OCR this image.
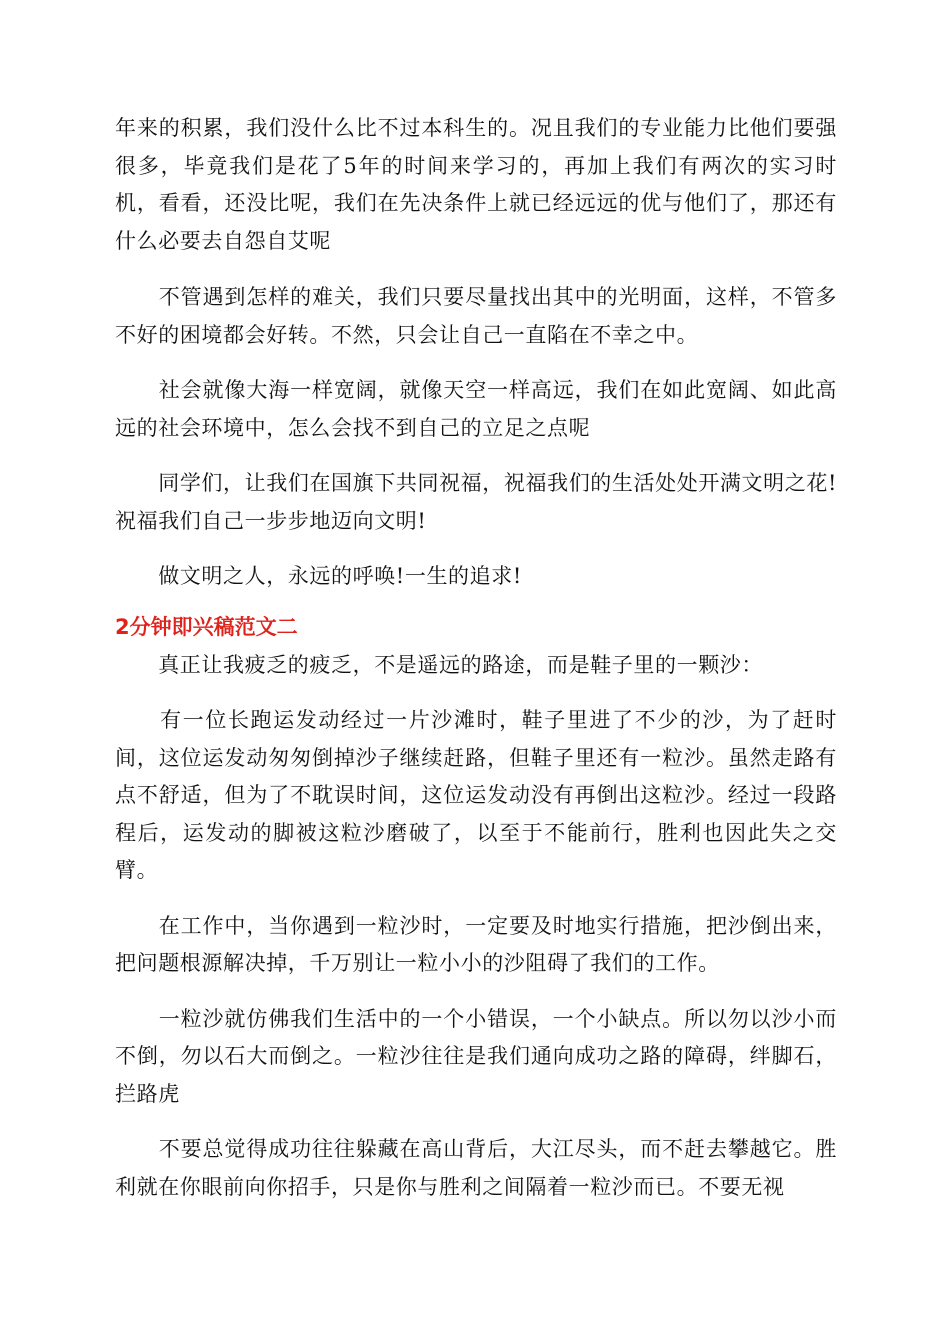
年来的积累，我们没什么比不过本科生的。况且我们的专业能力比他们要强很多，毕竟我们是花了5年的时间来学习的，再加上我们有两次的实习时机，看看，还没比呢，我们在先决条件上就已经远远的优与他们了，那还有什么必要去自怨自艾呢

　　不管遇到怎样的难关，我们只要尽量找出其中的光明面，这样，不管多不好的困境都会好转。不然，只会让自己一直陷在不幸之中。

　　社会就像大海一样宽阔，就像天空一样高远，我们在如此宽阔、如此高远的社会环境中，怎么会找不到自己的立足之点呢

　　同学们，让我们在国旗下共同祝福，祝福我们的生活处处开满文明之花!祝福我们自己一步步地迈向文明!

　　做文明之人，永远的呼唤!一生的追求!

2分钟即兴稿范文二

　　真正让我疲乏的疲乏，不是遥远的路途，而是鞋子里的一颗沙：

　　有一位长跑运发动经过一片沙滩时，鞋子里进了不少的沙，为了赶时间，这位运发动匆匆倒掉沙子继续赶路，但鞋子里还有一粒沙。虽然走路有点不舒适，但为了不耽误时间，这位运发动没有再倒出这粒沙。经过一段路程后，运发动的脚被这粒沙磨破了，以至于不能前行，胜利也因此失之交臂。

　　在工作中，当你遇到一粒沙时，一定要及时地实行措施，把沙倒出来，把问题根源解决掉，千万别让一粒小小的沙阻碍了我们的工作。

　　一粒沙就仿佛我们生活中的一个小错误，一个小缺点。所以勿以沙小而不倒，勿以石大而倒之。一粒沙往往是我们通向成功之路的障碍，绊脚石，拦路虎

　　不要总觉得成功往往躲藏在高山背后，大江尽头，而不赶去攀越它。胜利就在你眼前向你招手，只是你与胜利之间隔着一粒沙而已。不要无视
